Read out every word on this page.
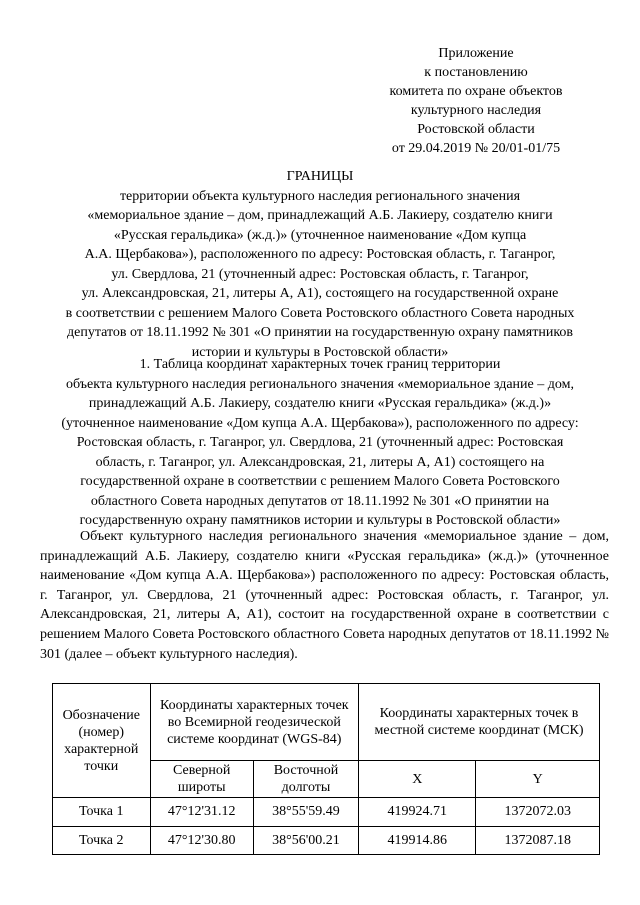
Приложение
к постановлению
комитета по охране объектов
культурного наследия
Ростовской области
от 29.04.2019 № 20/01-01/75
ГРАНИЦЫ
территории объекта культурного наследия регионального значения
«мемориальное здание – дом, принадлежащий А.Б. Лакиеру, создателю книги
«Русская геральдика» (ж.д.)» (уточненное наименование «Дом купца
А.А. Щербакова»), расположенного по адресу: Ростовская область, г. Таганрог,
ул. Свердлова, 21 (уточненный адрес: Ростовская область, г. Таганрог,
ул. Александровская, 21, литеры А, А1), состоящего на государственной охране
в соответствии с решением Малого Совета Ростовского областного Совета народных
депутатов от 18.11.1992 № 301 «О принятии на государственную охрану памятников
истории и культуры в Ростовской области»
1. Таблица координат характерных точек границ территории
объекта культурного наследия регионального значения «мемориальное здание – дом,
принадлежащий А.Б. Лакиеру, создателю книги «Русская геральдика» (ж.д.)»
(уточненное наименование «Дом купца А.А. Щербакова»), расположенного по адресу:
Ростовская область, г. Таганрог, ул. Свердлова, 21 (уточненный адрес: Ростовская
область, г. Таганрог, ул. Александровская, 21, литеры А, А1) состоящего на
государственной охране в соответствии с решением Малого Совета Ростовского
областного Совета народных депутатов от 18.11.1992 № 301 «О принятии на
государственную охрану памятников истории и культуры в Ростовской области»
Объект культурного наследия регионального значения «мемориальное здание – дом, принадлежащий А.Б. Лакиеру, создателю книги «Русская геральдика» (ж.д.)» (уточненное наименование «Дом купца А.А. Щербакова») расположенного по адресу: Ростовская область, г. Таганрог, ул. Свердлова, 21 (уточненный адрес: Ростовская область, г. Таганрог, ул. Александровская, 21, литеры А, А1), состоит на государственной охране в соответствии с решением Малого Совета Ростовского областного Совета народных депутатов от 18.11.1992 № 301 (далее – объект культурного наследия).
Обозначение (номер) характерной точки	Координаты характерных точек во Всемирной геодезической системе координат (WGS-84)		Координаты характерных точек в местной системе координат (МСК)	
	Северной широты	Восточной долготы	X	Y
Точка 1	47°12'31.12	38°55'59.49	419924.71	1372072.03
Точка 2	47°12'30.80	38°56'00.21	419914.86	1372087.18
